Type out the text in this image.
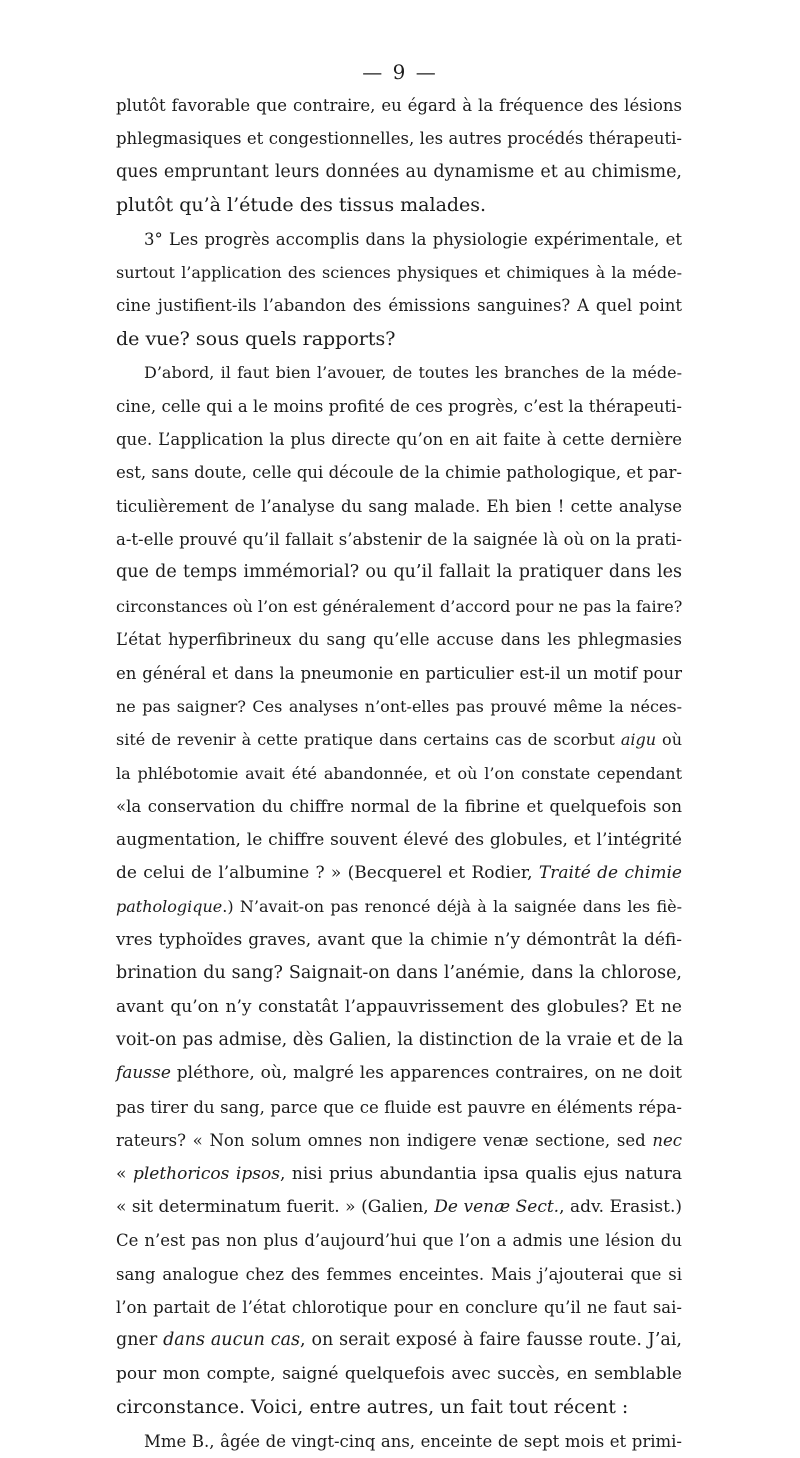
— 9 —
plutôt favorable que contraire, eu égard à la fréquence des lésions
phlegmasiques et congestionnelles, les autres procédés thérapeuti-
ques empruntant leurs données au dynamisme et au chimisme,
plutôt qu’à l’étude des tissus malades.
3° Les progrès accomplis dans la physiologie expérimentale, et
surtout l’application des sciences physiques et chimiques à la méde-
cine justifient-ils l’abandon des émissions sanguines? A quel point
de vue? sous quels rapports?
D’abord, il faut bien l’avouer, de toutes les branches de la méde-
cine, celle qui a le moins profité de ces progrès, c’est la thérapeuti-
que. L’application la plus directe qu’on en ait faite à cette dernière
est, sans doute, celle qui découle de la chimie pathologique, et par-
ticulièrement de l’analyse du sang malade. Eh bien ! cette analyse
a-t-elle prouvé qu’il fallait s’abstenir de la saignée là où on la prati-
que de temps immémorial? ou qu’il fallait la pratiquer dans les
circonstances où l’on est généralement d’accord pour ne pas la faire?
L’état hyperfibrineux du sang qu’elle accuse dans les phlegmasies
en général et dans la pneumonie en particulier est-il un motif pour
ne pas saigner? Ces analyses n’ont-elles pas prouvé même la néces-
sité de revenir à cette pratique dans certains cas de scorbut aigu où
la phlébotomie avait été abandonnée, et où l’on constate cependant
«la conservation du chiffre normal de la fibrine et quelquefois son
augmentation, le chiffre souvent élevé des globules, et l’intégrité
de celui de l’albumine ? » (Becquerel et Rodier, Traité de chimie
pathologique.) N’avait-on pas renoncé déjà à la saignée dans les fiè-
vres typhoïdes graves, avant que la chimie n’y démontrât la défi-
brination du sang? Saignait-on dans l’anémie, dans la chlorose,
avant qu’on n’y constatât l’appauvrissement des globules? Et ne
voit-on pas admise, dès Galien, la distinction de la vraie et de la
fausse pléthore, où, malgré les apparences contraires, on ne doit
pas tirer du sang, parce que ce fluide est pauvre en éléments répa-
rateurs? « Non solum omnes non indigere venæ sectione, sed nec
« plethoricos ipsos, nisi prius abundantia ipsa qualis ejus natura
« sit determinatum fuerit. » (Galien, De venæ Sect., adv. Erasist.)
Ce n’est pas non plus d’aujourd’hui que l’on a admis une lésion du
sang analogue chez des femmes enceintes. Mais j’ajouterai que si
l’on partait de l’état chlorotique pour en conclure qu’il ne faut sai-
gner dans aucun cas, on serait exposé à faire fausse route. J’ai,
pour mon compte, saigné quelquefois avec succès, en semblable
circonstance. Voici, entre autres, un fait tout récent :
Mme B., âgée de vingt-cinq ans, enceinte de sept mois et primi-
